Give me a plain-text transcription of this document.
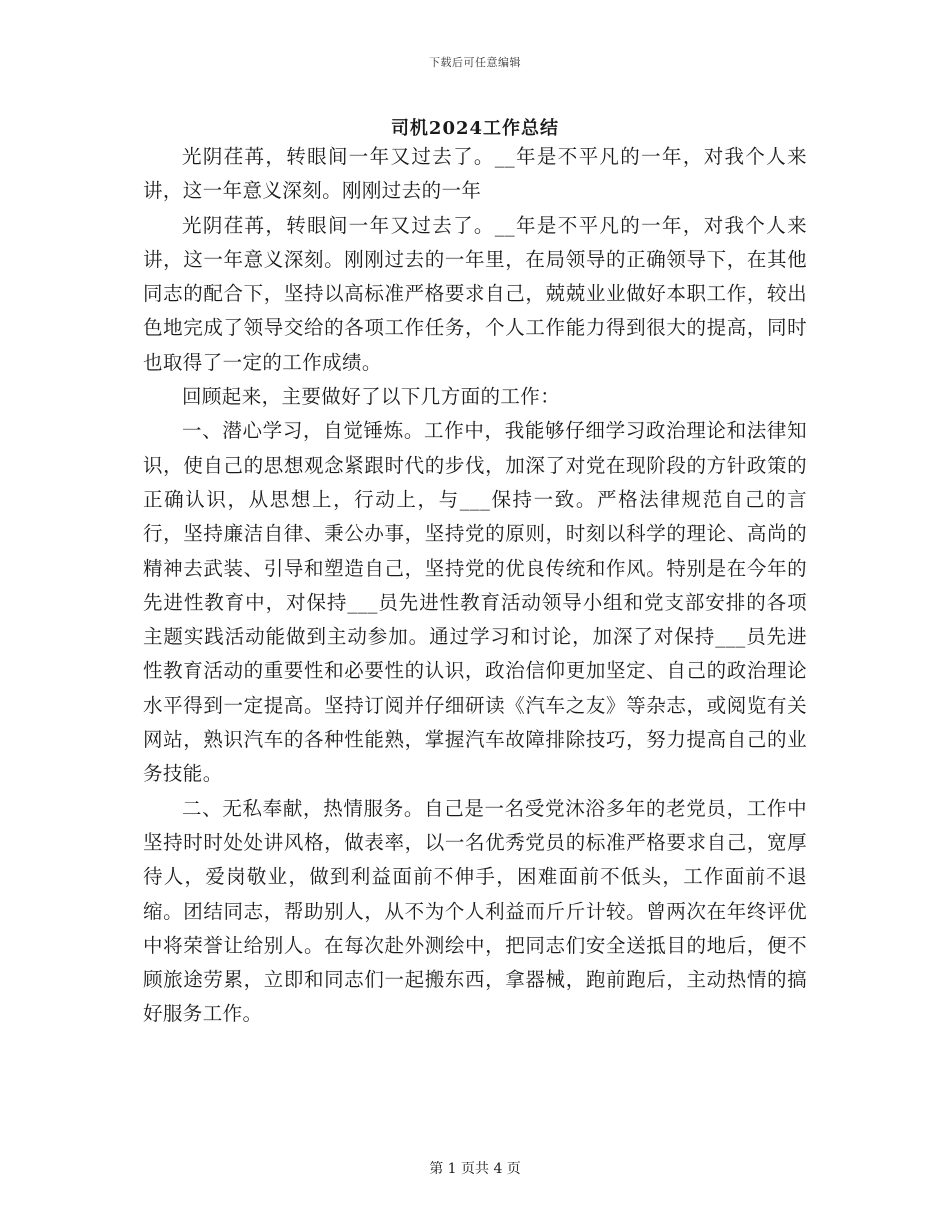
下载后可任意编辑
司机2024工作总结

光阴荏苒，转眼间一年又过去了。__年是不平凡的一年，对我个人来讲，这一年意义深刻。刚刚过去的一年

光阴荏苒，转眼间一年又过去了。__年是不平凡的一年，对我个人来讲，这一年意义深刻。刚刚过去的一年里，在局领导的正确领导下，在其他同志的配合下，坚持以高标准严格要求自己，兢兢业业做好本职工作，较出色地完成了领导交给的各项工作任务，个人工作能力得到很大的提高，同时也取得了一定的工作成绩。

回顾起来，主要做好了以下几方面的工作：

一、潜心学习，自觉锤炼。工作中，我能够仔细学习政治理论和法律知识，使自己的思想观念紧跟时代的步伐，加深了对党在现阶段的方针政策的正确认识，从思想上，行动上，与___保持一致。严格法律规范自己的言行，坚持廉洁自律、秉公办事，坚持党的原则，时刻以科学的理论、高尚的精神去武装、引导和塑造自己，坚持党的优良传统和作风。特别是在今年的先进性教育中，对保持___员先进性教育活动领导小组和党支部安排的各项主题实践活动能做到主动参加。通过学习和讨论，加深了对保持___员先进性教育活动的重要性和必要性的认识，政治信仰更加坚定、自己的政治理论水平得到一定提高。坚持订阅并仔细研读《汽车之友》等杂志，或阅览有关网站，熟识汽车的各种性能熟，掌握汽车故障排除技巧，努力提高自己的业务技能。

二、无私奉献，热情服务。自己是一名受党沐浴多年的老党员，工作中坚持时时处处讲风格，做表率，以一名优秀党员的标准严格要求自己，宽厚待人，爱岗敬业，做到利益面前不伸手，困难面前不低头，工作面前不退缩。团结同志，帮助别人，从不为个人利益而斤斤计较。曾两次在年终评优中将荣誉让给别人。在每次赴外测绘中，把同志们安全送抵目的地后，便不顾旅途劳累，立即和同志们一起搬东西，拿器械，跑前跑后，主动热情的搞好服务工作。

第 1 页共 4 页
